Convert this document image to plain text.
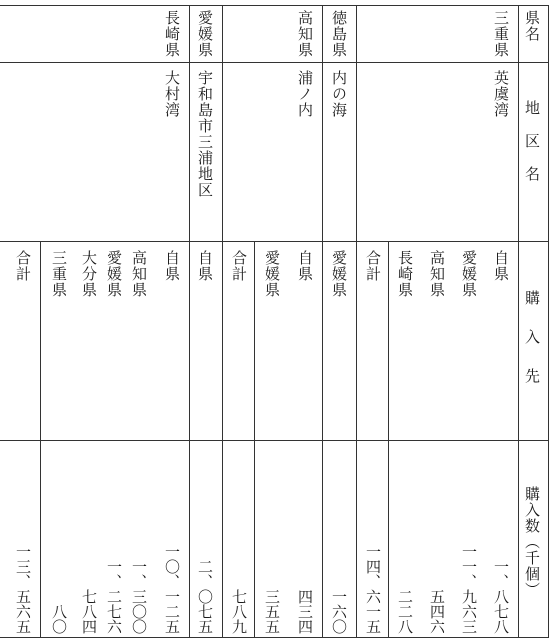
県名
地区名
購入先
購入数（千個）
三重県
英虞湾
自県
愛媛県
高知県
長崎県
合計
一、八七八
一一、九六三
五四六
二二八
一四、六一五
徳島県
内の海
愛媛県
一六〇
高知県
浦ノ内
自県
愛媛県
合計
四三四
三五五
七八九
愛媛県
宇和島市三浦地区
自県
二、〇七五
長崎県
大村湾
自県
高知県
愛媛県
大分県
三重県
合計
一〇、一二五
一、三〇〇
一、二七六
七八四
八〇
一三、五六五
